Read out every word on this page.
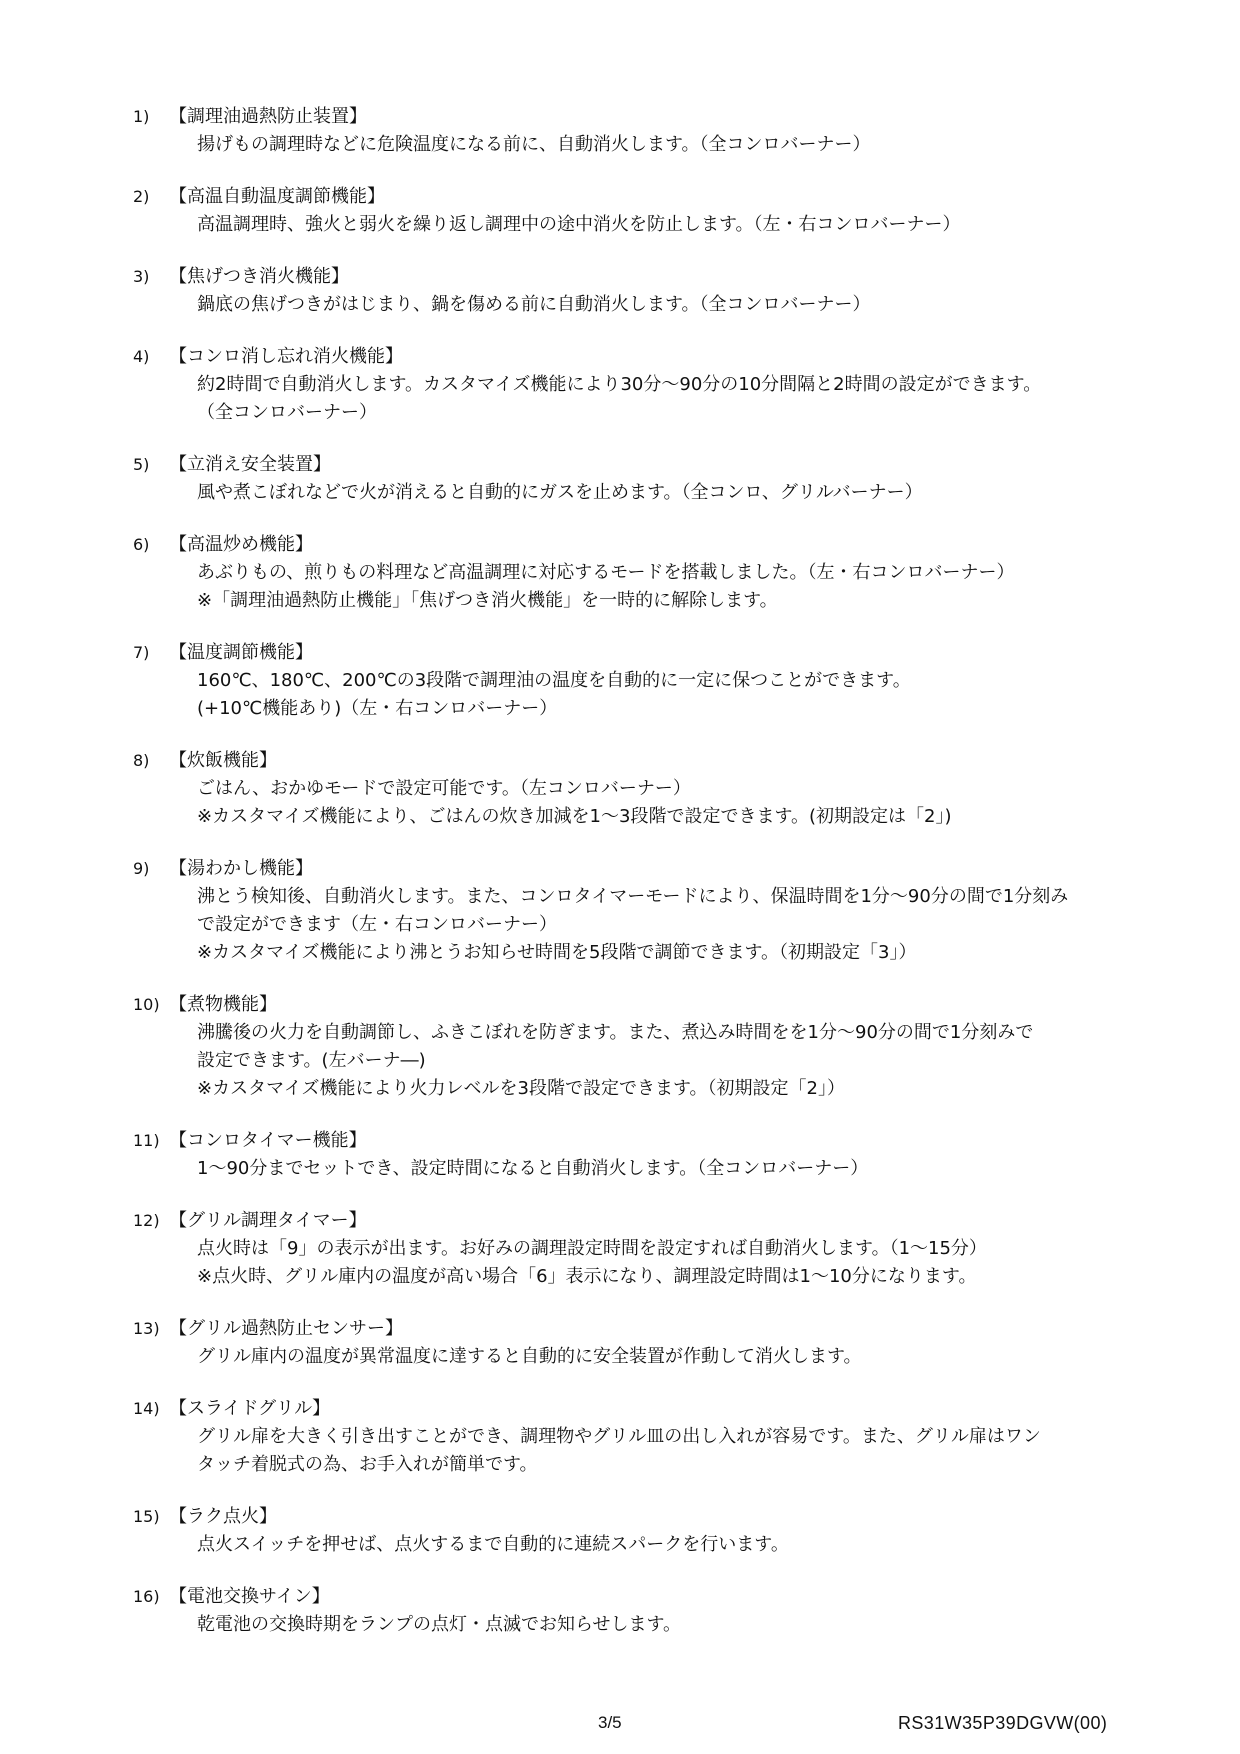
1)	【調理油過熱防止装置】
揚げもの調理時などに危険温度になる前に、自動消火します。（全コンロバーナー）
2)	【高温自動温度調節機能】
高温調理時、強火と弱火を繰り返し調理中の途中消火を防止します。（左・右コンロバーナー）
3)	【焦げつき消火機能】
鍋底の焦げつきがはじまり、鍋を傷める前に自動消火します。（全コンロバーナー）
4)	【コンロ消し忘れ消火機能】
約2時間で自動消火します。カスタマイズ機能により30分～90分の10分間隔と2時間の設定ができます。
（全コンロバーナー）
5)	【立消え安全装置】
風や煮こぼれなどで火が消えると自動的にガスを止めます。（全コンロ、グリルバーナー）
6)	【高温炒め機能】
あぶりもの、煎りもの料理など高温調理に対応するモードを搭載しました。（左・右コンロバーナー）
※「調理油過熱防止機能」「焦げつき消火機能」を一時的に解除します。
7)	【温度調節機能】
160℃、180℃、200℃の3段階で調理油の温度を自動的に一定に保つことができます。
(+10℃機能あり)（左・右コンロバーナー）
8)	【炊飯機能】
ごはん、おかゆモードで設定可能です。（左コンロバーナー）
※カスタマイズ機能により、ごはんの炊き加減を1～3段階で設定できます。(初期設定は「2」)
9)	【湯わかし機能】
沸とう検知後、自動消火します。また、コンロタイマーモードにより、保温時間を1分～90分の間で1分刻み
で設定ができます（左・右コンロバーナー）
※カスタマイズ機能により沸とうお知らせ時間を5段階で調節できます。（初期設定「3」）
10) 【煮物機能】
沸騰後の火力を自動調節し、ふきこぼれを防ぎます。また、煮込み時間をを1分～90分の間で1分刻みで
設定できます。(左バーナ―)
※カスタマイズ機能により火力レベルを3段階で設定できます。（初期設定「2」）
11) 【コンロタイマー機能】
1～90分までセットでき、設定時間になると自動消火します。（全コンロバーナー）
12) 【グリル調理タイマー】
点火時は「9」の表示が出ます。お好みの調理設定時間を設定すれば自動消火します。（1～15分）
※点火時、グリル庫内の温度が高い場合「6」表示になり、調理設定時間は1～10分になります。
13) 【グリル過熱防止センサー】
グリル庫内の温度が異常温度に達すると自動的に安全装置が作動して消火します。
14) 【スライドグリル】
グリル扉を大きく引き出すことができ、調理物やグリル皿の出し入れが容易です。また、グリル扉はワン
タッチ着脱式の為、お手入れが簡単です。
15) 【ラク点火】
点火スイッチを押せば、点火するまで自動的に連続スパークを行います。
16) 【電池交換サイン】
乾電池の交換時期をランプの点灯・点滅でお知らせします。
3/5	RS31W35P39DGVW(00)
